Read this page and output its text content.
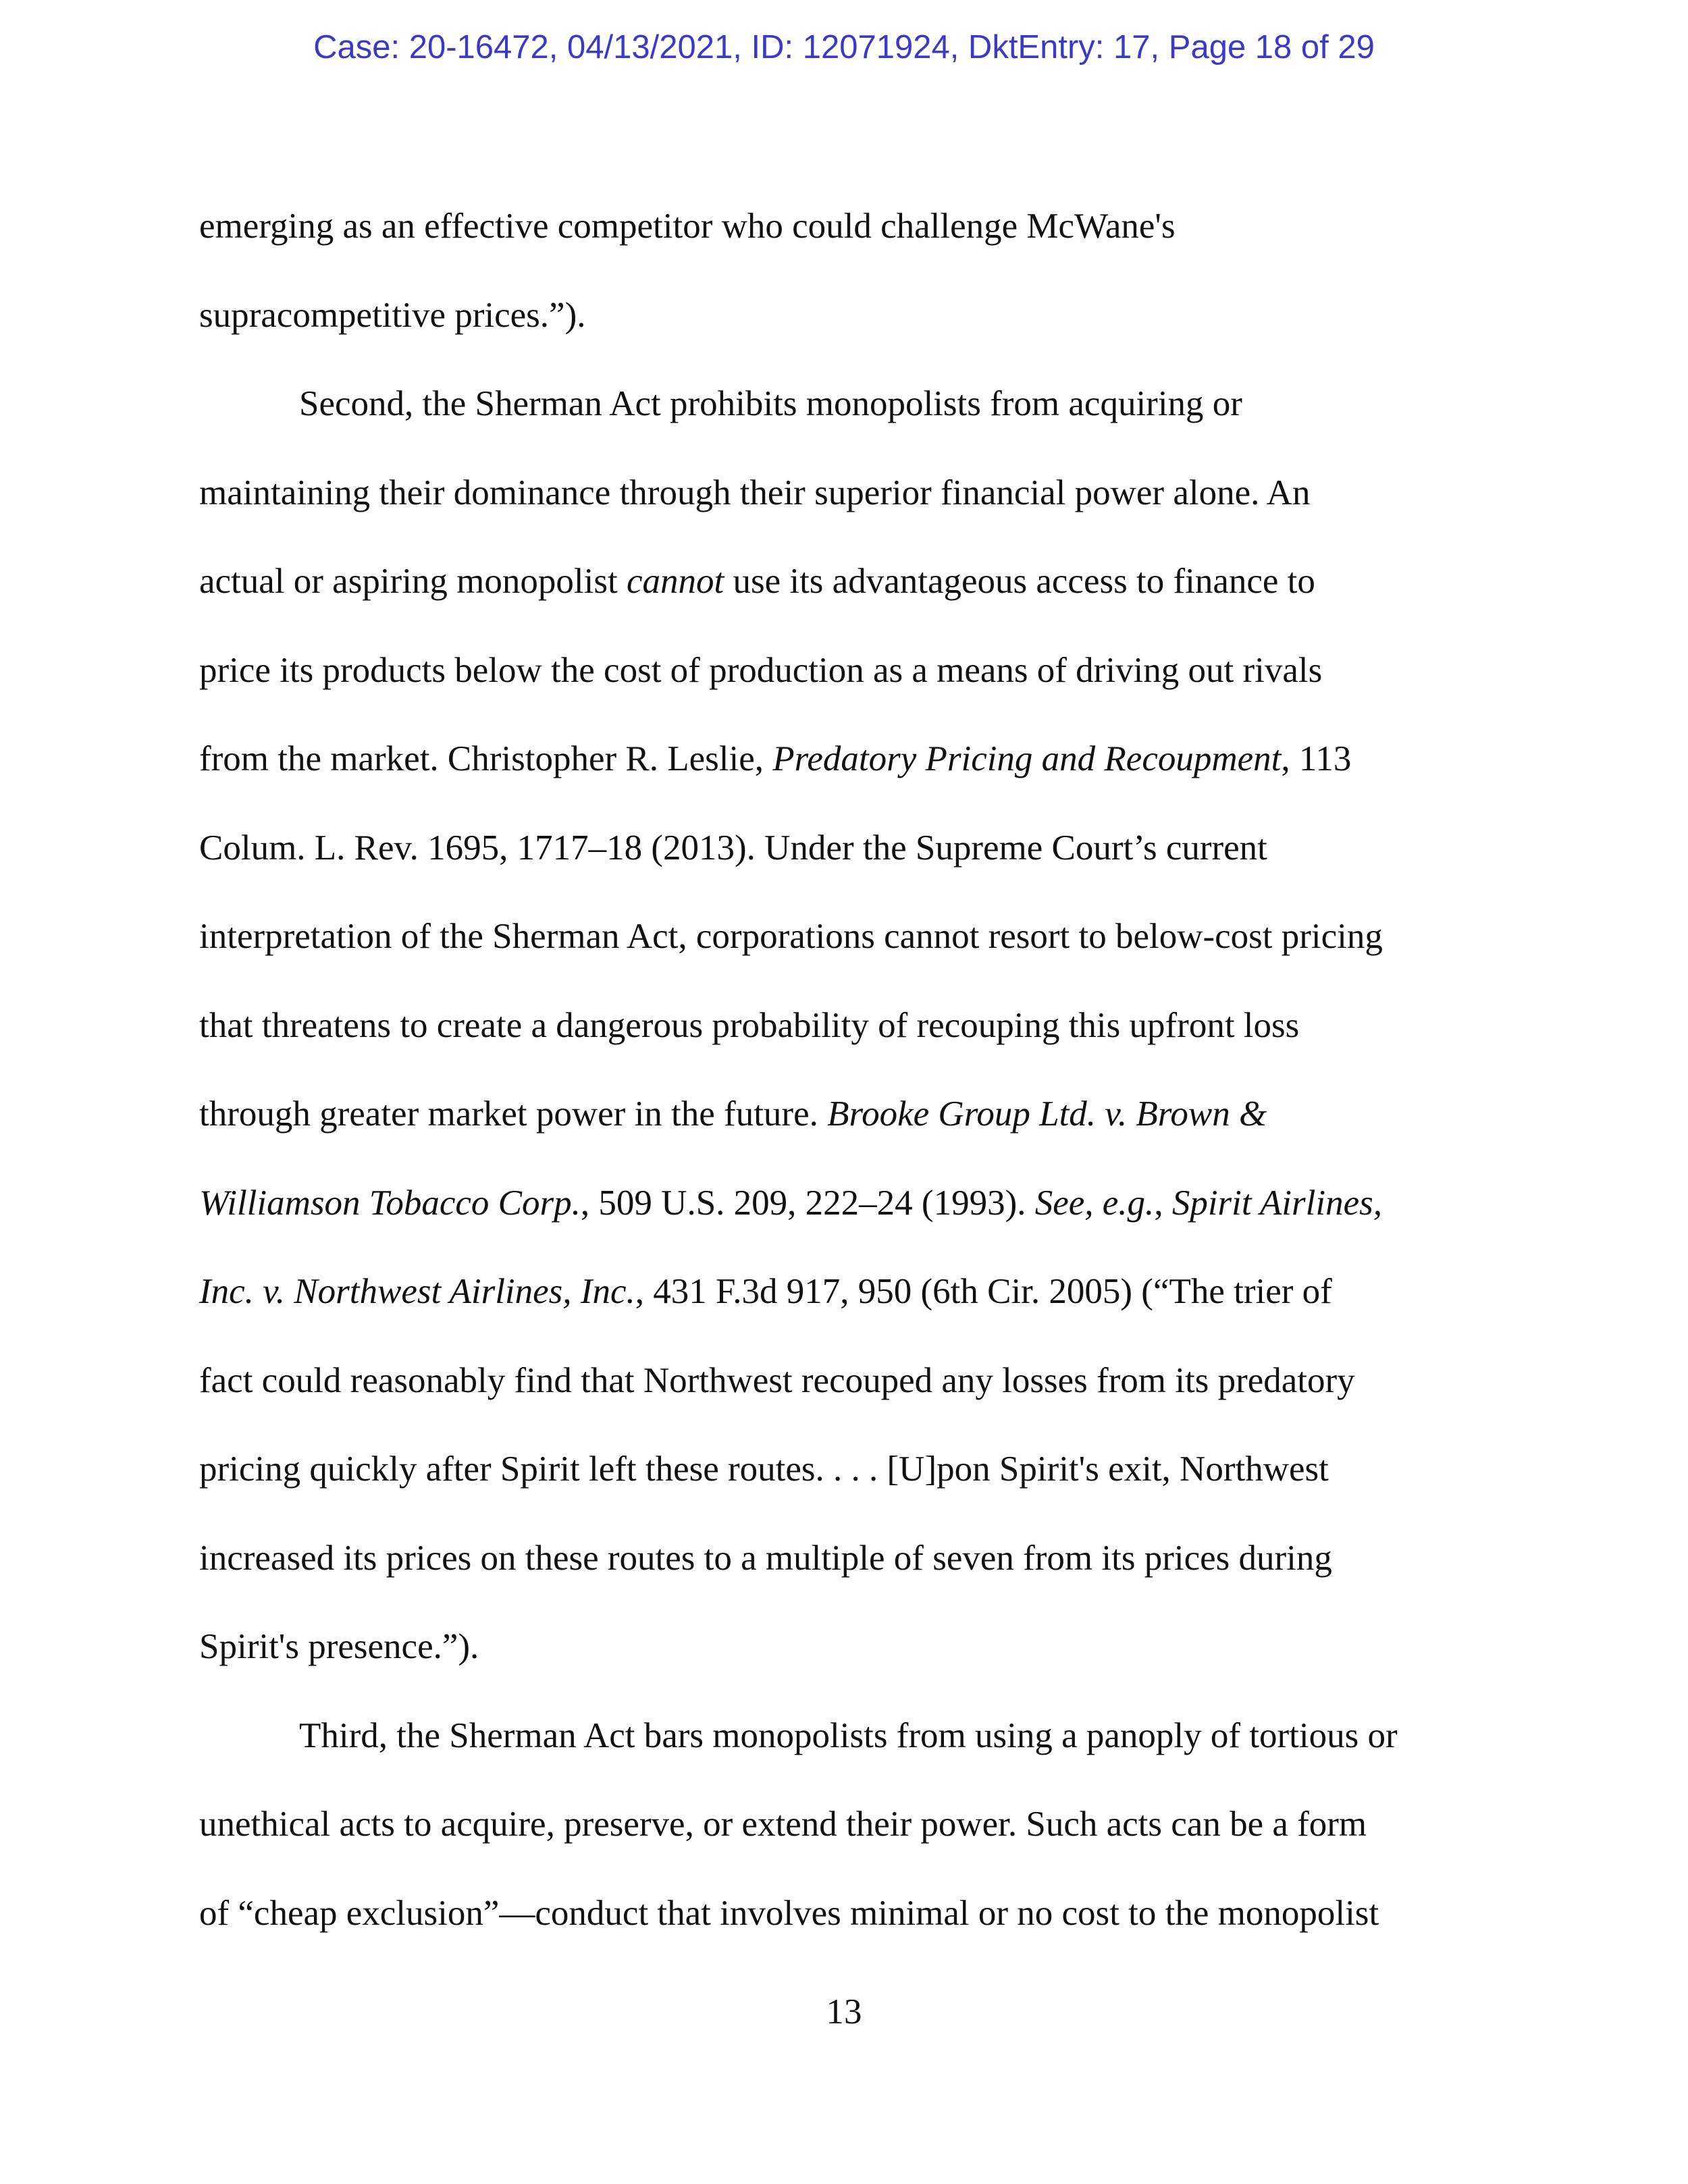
Case: 20-16472, 04/13/2021, ID: 12071924, DktEntry: 17, Page 18 of 29
emerging as an effective competitor who could challenge McWane's
supracompetitive prices.”).
Second, the Sherman Act prohibits monopolists from acquiring or
maintaining their dominance through their superior financial power alone. An
actual or aspiring monopolist cannot use its advantageous access to finance to
price its products below the cost of production as a means of driving out rivals
from the market. Christopher R. Leslie, Predatory Pricing and Recoupment, 113
Colum. L. Rev. 1695, 1717–18 (2013). Under the Supreme Court’s current
interpretation of the Sherman Act, corporations cannot resort to below-cost pricing
that threatens to create a dangerous probability of recouping this upfront loss
through greater market power in the future. Brooke Group Ltd. v. Brown &
Williamson Tobacco Corp., 509 U.S. 209, 222–24 (1993). See, e.g., Spirit Airlines,
Inc. v. Northwest Airlines, Inc., 431 F.3d 917, 950 (6th Cir. 2005) (“The trier of
fact could reasonably find that Northwest recouped any losses from its predatory
pricing quickly after Spirit left these routes. . . . [U]pon Spirit's exit, Northwest
increased its prices on these routes to a multiple of seven from its prices during
Spirit's presence.”).
Third, the Sherman Act bars monopolists from using a panoply of tortious or
unethical acts to acquire, preserve, or extend their power. Such acts can be a form
of “cheap exclusion”—conduct that involves minimal or no cost to the monopolist
13
